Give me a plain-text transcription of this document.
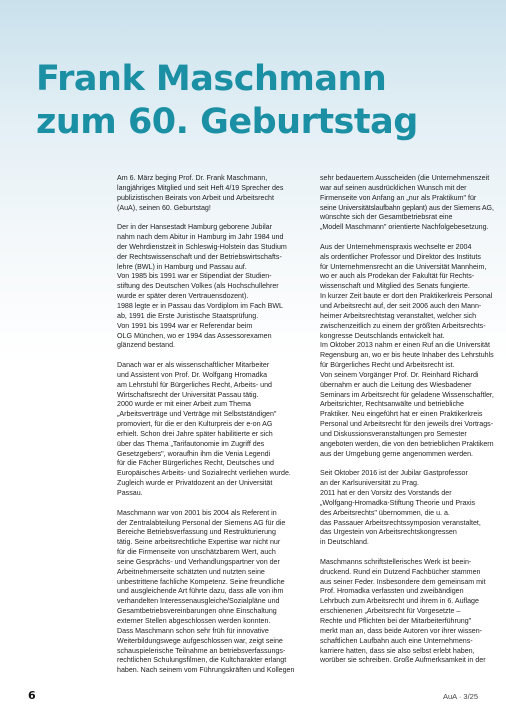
Frank Maschmann
zum 60. Geburtstag
Am 6. März beging Prof. Dr. Frank Maschmann,
langjähriges Mitglied und seit Heft 4/19 Sprecher des
publizistischen Beirats von Arbeit und Arbeitsrecht
(AuA), seinen 60. Geburtstag!
Der in der Hansestadt Hamburg geborene Jubilar
nahm nach dem Abitur in Hamburg im Jahr 1984 und
der Wehrdienstzeit in Schleswig-Holstein das Studium
der Rechtswissenschaft und der Betriebswirtschafts-
lehre (BWL) in Hamburg und Passau auf.
Von 1985 bis 1991 war er Stipendiat der Studien-
stiftung des Deutschen Volkes (als Hochschullehrer
wurde er später deren Vertrauensdozent).
1988 legte er in Passau das Vordiplom im Fach BWL
ab, 1991 die Erste Juristische Staatsprüfung.
Von 1991 bis 1994 war er Referendar beim
OLG München, wo er 1994 das Assessorexamen
glänzend bestand.
Danach war er als wissenschaftlicher Mitarbeiter
und Assistent von Prof. Dr. Wolfgang Hromadka
am Lehrstuhl für Bürgerliches Recht, Arbeits- und
Wirtschaftsrecht der Universität Passau tätig.
2000 wurde er mit einer Arbeit zum Thema
„Arbeitsverträge und Verträge mit Selbstständigen"
promoviert, für die er den Kulturpreis der e-on AG
erhielt. Schon drei Jahre später habilitierte er sich
über das Thema „Tarifautonomie im Zugriff des
Gesetzgebers", woraufhin ihm die Venia Legendi
für die Fächer Bürgerliches Recht, Deutsches und
Europäisches Arbeits- und Sozialrecht verliehen wurde.
Zugleich wurde er Privatdozent an der Universität
Passau.
Maschmann war von 2001 bis 2004 als Referent in
der Zentralabteilung Personal der Siemens AG für die
Bereiche Betriebsverfassung und Restrukturierung
tätig. Seine arbeitsrechtliche Expertise war nicht nur
für die Firmenseite von unschätzbarem Wert, auch
seine Gesprächs- und Verhandlungspartner von der
Arbeitnehmerseite schätzten und nutzten seine
unbestrittene fachliche Kompetenz. Seine freundliche
und ausgleichende Art führte dazu, dass alle von ihm
verhandelten Interessenausgleiche/Sozialpläne und
Gesamtbetriebsvereinbarungen ohne Einschaltung
externer Stellen abgeschlossen werden konnten.
Dass Maschmann schon sehr früh für innovative
Weiterbildungswege aufgeschlossen war, zeigt seine
schauspielerische Teilnahme an betriebsverfassungs-
rechtlichen Schulungsfilmen, die Kultcharakter erlangt
haben. Nach seinem vom Führungskräften und Kollegen
sehr bedauertem Ausscheiden (die Unternehmenszeit
war auf seinen ausdrücklichen Wunsch mit der
Firmenseite von Anfang an „nur als Praktikum" für
seine Universitätslaufbahn geplant) aus der Siemens AG,
wünschte sich der Gesamtbetriebsrat eine
„Modell Maschmann" orientierte Nachfolgebesetzung.
Aus der Unternehmenspraxis wechselte er 2004
als ordentlicher Professor und Direktor des Instituts
für Unternehmensrecht an die Universität Mannheim,
wo er auch als Prodekan der Fakultät für Rechts-
wissenschaft und Mitglied des Senats fungierte.
In kurzer Zeit baute er dort den Praktikerkreis Personal
und Arbeitsrecht auf, der seit 2006 auch den Mann-
heimer Arbeitsrechtstag veranstaltet, welcher sich
zwischenzeitlich zu einem der größten Arbeitsrechts-
kongresse Deutschlands entwickelt hat.
Im Oktober 2013 nahm er einen Ruf an die Universität
Regensburg an, wo er bis heute Inhaber des Lehrstuhls
für Bürgerliches Recht und Arbeitsrecht ist.
Von seinem Vorgänger Prof. Dr. Reinhard Richardi
übernahm er auch die Leitung des Wiesbadener
Seminars im Arbeitsrecht für geladene Wissenschaftler,
Arbeitsrichter, Rechtsanwälte und betriebliche
Praktiker. Neu eingeführt hat er einen Praktikerkreis
Personal und Arbeitsrecht für den jeweils drei Vortrags-
und Diskussionsveranstaltungen pro Semester
angeboten werden, die von den betrieblichen Praktikern
aus der Umgebung gerne angenommen werden.
Seit Oktober 2016 ist der Jubilar Gastprofessor
an der Karlsuniversität zu Prag.
2011 hat er den Vorsitz des Vorstands der
„Wolfgang-Hromadka-Stiftung Theorie und Praxis
des Arbeitsrechts" übernommen, die u. a.
das Passauer Arbeitsrechtssymposion veranstaltet,
das Urgestein von Arbeitsrechtskongressen
in Deutschland.
Maschmanns schriftstellerisches Werk ist beein-
druckend. Rund ein Dutzend Fachbücher stammen
aus seiner Feder. Insbesondere dem gemeinsam mit
Prof. Hromadka verfassten und zweibändigen
Lehrbuch zum Arbeitsrecht und ihrem in 6. Auflage
erschienenen „Arbeitsrecht für Vorgesetzte –
Rechte und Pflichten bei der Mitarbeiterführung"
merkt man an, dass beide Autoren vor ihrer wissen-
schaftlichen Laufbahn auch eine Unternehmens-
karriere hatten, dass sie also selbst erlebt haben,
worüber sie schreiben. Große Aufmerksamkeit in der
6	AuA · 3/25
